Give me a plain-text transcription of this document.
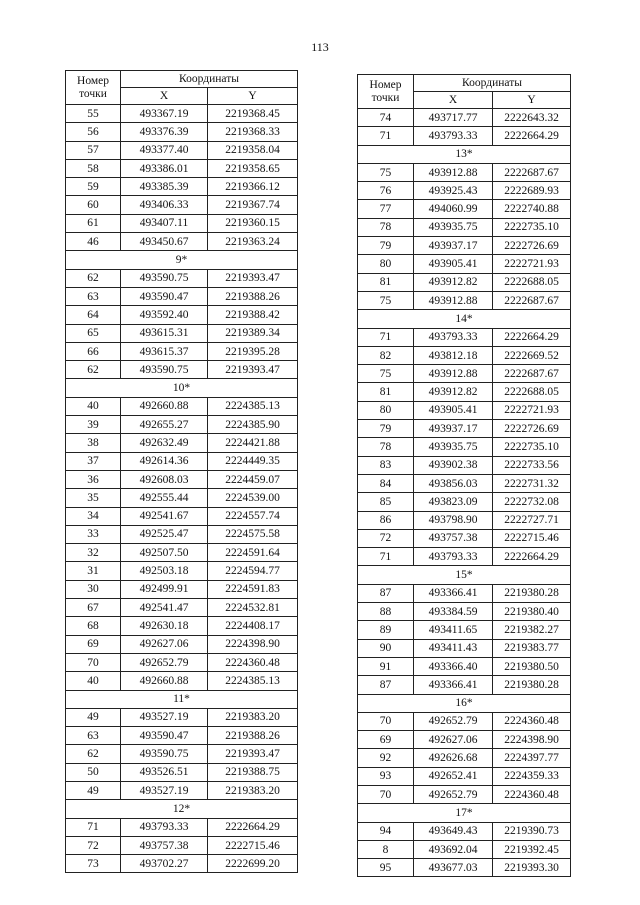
113
Номер
точки	Координаты	
	X	Y
55	493367.19	2219368.45
56	493376.39	2219368.33
57	493377.40	2219358.04
58	493386.01	2219358.65
59	493385.39	2219366.12
60	493406.33	2219367.74
61	493407.11	2219360.15
46	493450.67	2219363.24
9*		
62	493590.75	2219393.47
63	493590.47	2219388.26
64	493592.40	2219388.42
65	493615.31	2219389.34
66	493615.37	2219395.28
62	493590.75	2219393.47
10*		
40	492660.88	2224385.13
39	492655.27	2224385.90
38	492632.49	2224421.88
37	492614.36	2224449.35
36	492608.03	2224459.07
35	492555.44	2224539.00
34	492541.67	2224557.74
33	492525.47	2224575.58
32	492507.50	2224591.64
31	492503.18	2224594.77
30	492499.91	2224591.83
67	492541.47	2224532.81
68	492630.18	2224408.17
69	492627.06	2224398.90
70	492652.79	2224360.48
40	492660.88	2224385.13
11*		
49	493527.19	2219383.20
63	493590.47	2219388.26
62	493590.75	2219393.47
50	493526.51	2219388.75
49	493527.19	2219383.20
12*		
71	493793.33	2222664.29
72	493757.38	2222715.46
73	493702.27	2222699.20
Номер
точки	Координаты	
	X	Y
74	493717.77	2222643.32
71	493793.33	2222664.29
13*		
75	493912.88	2222687.67
76	493925.43	2222689.93
77	494060.99	2222740.88
78	493935.75	2222735.10
79	493937.17	2222726.69
80	493905.41	2222721.93
81	493912.82	2222688.05
75	493912.88	2222687.67
14*		
71	493793.33	2222664.29
82	493812.18	2222669.52
75	493912.88	2222687.67
81	493912.82	2222688.05
80	493905.41	2222721.93
79	493937.17	2222726.69
78	493935.75	2222735.10
83	493902.38	2222733.56
84	493856.03	2222731.32
85	493823.09	2222732.08
86	493798.90	2222727.71
72	493757.38	2222715.46
71	493793.33	2222664.29
15*		
87	493366.41	2219380.28
88	493384.59	2219380.40
89	493411.65	2219382.27
90	493411.43	2219383.77
91	493366.40	2219380.50
87	493366.41	2219380.28
16*		
70	492652.79	2224360.48
69	492627.06	2224398.90
92	492626.68	2224397.77
93	492652.41	2224359.33
70	492652.79	2224360.48
17*		
94	493649.43	2219390.73
8	493692.04	2219392.45
95	493677.03	2219393.30
